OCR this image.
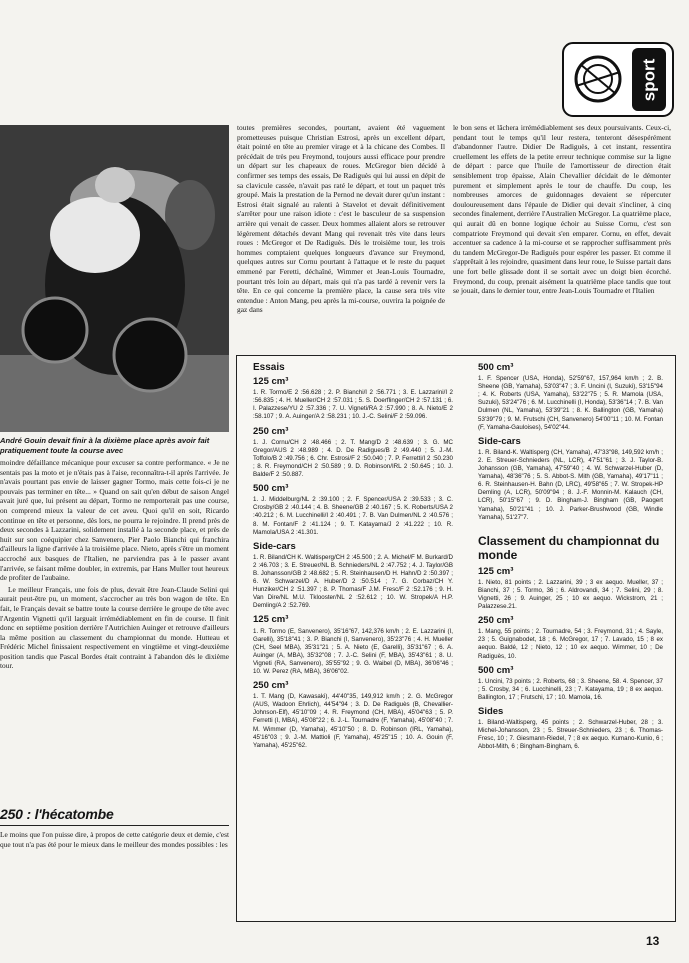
sport
André Gouin devait finir à la dixième place après avoir fait pratiquement toute la course avec

toutes premières secondes, pourtant, avaient été vaguement prometteuses puisque Christian Estrosi, après un excellent départ, était pointé en tête au premier virage et à la chicane des Combes. Il précédait de très peu Freymond, toujours aussi efficace pour prendre un départ sur les chapeaux de roues. McGregor bien décidé à confirmer ses temps des essais, De Radiguès qui lui aussi en dépit de sa clavicule cassée, n'avait pas raté le départ, et tout un paquet très groupé. Mais la prestation de la Pernod ne devait durer qu'un instant : Estrosi était signalé au ralenti à Stavelot et devait définitivement s'arrêter pour une raison idiote : c'est le basculeur de sa suspension arrière qui venait de casser. Deux hommes allaient alors se retrouver légèrement détachés devant Mang qui revenait très vite dans leurs roues : McGregor et De Radiguès. Dès le troisième tour, les trois hommes comptaient quelques longueurs d'avance sur Freymond, quelques autres sur Cornu pourtant à l'attaque et le reste du paquet emmené par Feretti, déchaîné, Wimmer et Jean-Louis Tournadre, pourtant très loin au départ, mais qui n'a pas tardé à revenir vers la tête. En ce qui concerne la première place, la cause sera très vite entendue : Anton Mang, peu après la mi-course, ouvrira la poignée de gaz dans

le bon sens et lâchera irrémédiablement ses deux poursuivants. Ceux-ci, pendant tout le temps qu'il leur restera, tenteront désespérément d'abandonner l'autre. Didier De Radiguès, à cet instant, ressentira cruellement les effets de la petite erreur technique commise sur la ligne de départ : parce que l'huile de l'amortisseur de direction était sensiblement trop épaisse, Alain Chevallier décidait de le démonter purement et simplement après le tour de chauffe. Du coup, les nombreuses amorces de guidonnages devaient se répercuter douloureusement dans l'épaule de Didier qui devait s'incliner, à cinq secondes finalement, derrière l'Australien McGregor. La quatrième place, qui aurait dû en bonne logique échoir au Suisse Cornu, c'est son compatriote Freymond qui devait s'en emparer. Cornu, en effet, devait accentuer sa cadence à la mi-course et se rapprocher suffisamment près du tandem McGregor-De Radiguès pour espérer les passer. Et comme il s'apprêtait à les rejoindre, quasiment dans leur roue, le Suisse partait dans une fort belle glissade dont il se sortait avec un doigt bien écorché. Freymond, du coup, prenait aisément la quatrième place tandis que tout se jouait, dans le dernier tour, entre Jean-Louis Tournadre et l'Italien

moindre défaillance mécanique pour excuser sa contre performance. « Je ne sentais pas la moto et je n'étais pas à l'aise, reconnaîtra-t-il après l'arrivée. Je n'avais pourtant pas envie de laisser gagner Tormo, mais cette fois-ci je ne pouvais pas terminer en tête... » Quand on sait qu'en début de saison Angel avait juré que, lui présent au départ, Tormo ne remporterait pas une course, on comprend mieux la valeur de cet aveu. Quoi qu'il en soit, Ricardo continue en tête et personne, dès lors, ne pourra le rejoindre. Il prend près de deux secondes à Lazzarini, solidement installé à la seconde place, et près de huit sur son coéquipier chez Sanvenero, Pier Paolo Bianchi qui franchira d'ailleurs la ligne d'arrivée à la troisième place. Nieto, après s'être un moment accroché aux basques de l'Italien, ne parviendra pas à le passer avant l'arrivée, se faisant même doubler, in extremis, par Hans Muller tout heureux de profiter de l'aubaine.

Le meilleur Français, une fois de plus, devait être Jean-Claude Selini qui aurait peut-être pu, un moment, s'accrocher au très bon wagon de tête. En fait, le Français devait se battre toute la course derrière le groupe de tête avec l'Argentin Vignetti qu'il larguait irrémédiablement en fin de course. Il finit donc en septième position derrière l'Autrichien Auinger et retrouve d'ailleurs la même position au classement du championnat du monde. Hutteau et Frédéric Michel finissaient respectivement en vingtième et vingt-deuxième position tandis que Pascal Bordes était contraint à l'abandon dès le dixième tour.

250 : l'hécatombe

Le moins que l'on puisse dire, à propos de cette catégorie deux et demie, c'est que tout n'a pas été pour le mieux dans le meilleur des mondes possibles : les

Essais
125 cm³

1. R. Tormo/E 2 :56.628 ; 2. P. Bianchi/I 2 :56.771 ; 3. E. Lazzarini/I 2 :56.835 ; 4. H. Mueller/CH 2 :57.031 ; 5. S. Doerflinger/CH 2 :57.131 ; 6. I. Palazzese/YU 2 :57.336 ; 7. U. Vigneti/RA 2 :57.990 ; 8. A. Nieto/E 2 :58.107 ; 9. A. Auinger/A 2 :58.231 ; 10. J.-C. Selini/F 2 :59.096.

250 cm³

1. J. Cornu/CH 2 :48.466 ; 2. T. Mang/D 2 :48.639 ; 3. G. MC Gregor/AUS 2 :48.989 ; 4. D. De Radigues/B 2 :49.440 ; 5. J.-M. Toffolo/B 2 :49.756 ; 6. Chr. Estrosi/F 2 :50.040 ; 7. P. Ferretti/I 2 :50.230 ; 8. R. Freymond/CH 2 :50.589 ; 9. D. Robinson/IRL 2 :50.645 ; 10. J. Balde/F 2 :50.887.

500 cm³

1. J. Middelburg/NL 2 :39.100 ; 2. F. Spencer/USA 2 :39.533 ; 3. C. Crosby/GB 2 :40.144 ; 4. B. Sheene/GB 2 :40.167 ; 5. K. Roberts/USA 2 :40.212 ; 6. M. Lucchinelli/I 2 :40.491 ; 7. B. Van Dulmen/NL 2 :40.576 ; 8. M. Fontan/F 2 :41.124 ; 9. T. Katayama/J 2 :41.222 ; 10. R. Mamola/USA 2 :41.301.

Side-cars

1. R. Biland/CH K. Waltisperg/CH 2 :45.500 ; 2. A. Michel/F M. Burkard/D 2 :46.703 ; 3. E. Streuer/NL B. Schnieders/NL 2 :47.752 ; 4. J. Taylor/GB B. Johansson/GB 2 :48.682 ; 5. R. Steinhausen/D H. Hahn/D 2 :50.397 ; 6. W. Schwarzel/D A. Huber/D 2 :50.514 ; 7. G. Corbaz/CH Y. Hunziker/CH 2 :51.397 ; 8. P. Thomas/F J.M. Fresc/F 2 :52.176 ; 9. H. Van Dire/NL M.U. Tklooster/NL 2 :52.612 ; 10. W. Stropek/A H.P. Demling/A 2 :52.769.

125 cm³

1. R. Tormo (E, Sanvenero), 35'16"67, 142,376 km/h ; 2. E. Lazzarini (I, Garelli), 35'18"41 ; 3. P. Bianchi (I, Sanvenero), 35'23"76 ; 4. H. Mueller (CH, Seel MBA), 35'31"21 ; 5. A. Nieto (E, Garelli), 35'31"67 ; 6. A. Auinger (A, MBA), 35'32"08 ; 7. J.-C. Selini (F, MBA), 35'43"61 ; 8. U. Vigneti (RA, Sanvenero), 35'55"92 ; 9. G. Waibel (D, MBA), 36'06"46 ; 10. W. Perez (RA, MBA), 36'06"02.

250 cm³

1. T. Mang (D, Kawasaki), 44'40"35, 149,912 km/h ; 2. G. McGregor (AUS, Wadoon Ehrlich), 44'54"94 ; 3. D. De Radiguès (B, Chevallier-Johnson-Elf), 45'10"09 ; 4. R. Freymond (CH, MBA), 45'04"63 ; 5. P. Ferretti (I, MBA), 45'08"22 ; 6. J.-L. Tournadre (F, Yamaha), 45'08"40 ; 7. M. Wimmer (D, Yamaha), 45'10"50 ; 8. D. Robinson (IRL, Yamaha), 45'16"03 ; 9. J.-M. Mattioli (F, Yamaha), 45'25"15 ; 10. A. Gouin (F, Yamaha), 45'25"62.

500 cm³

1. F. Spencer (USA, Honda), 52'59"67, 157,964 km/h ; 2. B. Sheene (GB, Yamaha), 53'03"47 ; 3. F. Uncini (I, Suzuki), 53'15"94 ; 4. K. Roberts (USA, Yamaha), 53'22"75 ; 5. R. Mamola (USA, Suzuki), 53'24"76 ; 6. M. Lucchinelli (I, Honda), 53'36"14 ; 7. B. Van Dulmen (NL, Yamaha), 53'39"21 ; 8. K. Ballington (GB, Yamaha) 53'39"79 ; 9. M. Frutschi (CH, Sanvenero) 54'00"11 ; 10. M. Fontan (F, Yamaha-Gauloises), 54'02"44.

Side-cars

1. R. Biland-K. Waltisperg (CH, Yamaha), 47'33"98, 149,592 km/h ; 2. E. Streuer-Schnieders (NL, LCR), 47'51"61 ; 3. J. Taylor-B. Johansson (GB, Yamaha), 47'59"40 ; 4. W. Schwarzel-Huber (D, Yamaha), 48'36"76 ; 5. S. Abbot-S. Mith (GB, Yamaha), 49'17"11 ; 6. R. Steinhausen-H. Bahn (D, LRC), 49'58"65 ; 7. W. Stropek-HP Demling (A, LCR), 50'09"94 ; 8. J.-F. Monnin-M. Kalauch (CH, LCR), 50'15"67 ; 9. D. Bingham-J. Bingham (GB, Paogert Yamaha), 50'21"41 ; 10. J. Parker-Brushwood (GB, Windle Yamaha), 51'27"7.

Classement du championnat du monde
125 cm³

1. Nieto, 81 points ; 2. Lazzarini, 39 ; 3 ex aequo. Mueller, 37 ; Bianchi, 37 ; 5. Tormo, 36 ; 6. Aldrovandi, 34 ; 7. Selini, 29 ; 8. Vignetti, 26 ; 9. Auinger, 25 ; 10 ex aequo. Wickstrom, 21 ; Palazzese.21.

250 cm³

1. Mang, 55 points ; 2. Tournadre, 54 ; 3. Freymond, 31 ; 4. Sayle, 23 ; 5. Guignabodet, 18 ; 6. McGregor, 17 ; 7. Lavado, 15 ; 8 ex aequo. Baldé, 12 ; Nieto, 12 ; 10 ex aequo. Wimmer, 10 ; De Radiguès, 10.

500 cm³

1. Uncini, 73 points ; 2. Roberts, 68 ; 3. Sheene, 58. 4. Spencer, 37 ; 5. Crosby, 34 ; 6. Lucchinelli, 23 ; 7. Katayama, 19 ; 8 ex aequo. Ballington, 17 ; Frutschi, 17 ; 10. Mamola, 16.

Sides

1. Biland-Waltisperg, 45 points ; 2. Schwarzel-Huber, 28 ; 3. Michel-Johansson, 23 ; 5. Streuer-Schnieders, 23 ; 6. Thomas-Fresc, 10 ; 7. Giesmann-Riedel, 7 ; 8 ex aequo. Kumano-Kunio, 6 ; Abbot-Mith, 6 ; Bingham-Bingham, 6.

13
